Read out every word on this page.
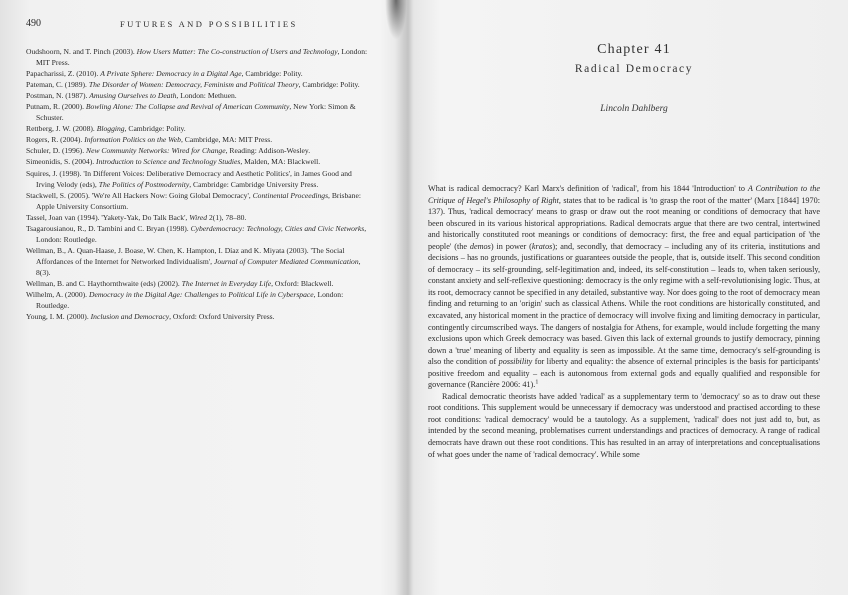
490	FUTURES AND POSSIBILITIES

Oudshoorn, N. and T. Pinch (2003). How Users Matter: The Co-construction of Users and Technology, London: MIT Press.

Papacharissi, Z. (2010). A Private Sphere: Democracy in a Digital Age, Cambridge: Polity.

Pateman, C. (1989). The Disorder of Women: Democracy, Feminism and Political Theory, Cambridge: Polity.

Postman, N. (1987). Amusing Ourselves to Death, London: Methuen.

Putnam, R. (2000). Bowling Alone: The Collapse and Revival of American Community, New York: Simon & Schuster.

Rettberg, J. W. (2008). Blogging, Cambridge: Polity.

Rogers, R. (2004). Information Politics on the Web, Cambridge, MA: MIT Press.

Schuler, D. (1996). New Community Networks: Wired for Change, Reading: Addison-Wesley.

Simeonidis, S. (2004). Introduction to Science and Technology Studies, Malden, MA: Blackwell.

Squires, J. (1998). 'In Different Voices: Deliberative Democracy and Aesthetic Politics', in James Good and Irving Velody (eds), The Politics of Postmodernity, Cambridge: Cambridge University Press.

Stackwell, S. (2005). 'We're All Hackers Now: Going Global Democracy', Continental Proceedings, Brisbane: Apple University Consortium.

Tassel, Joan van (1994). 'Yakety-Yak, Do Talk Back', Wired 2(1), 78–80.

Tsagarousianou, R., D. Tambini and C. Bryan (1998). Cyberdemocracy: Technology, Cities and Civic Networks, London: Routledge.

Wellman, B., A. Quan-Haase, J. Boase, W. Chen, K. Hampton, I. Díaz and K. Miyata (2003). 'The Social Affordances of the Internet for Networked Individualism', Journal of Computer Mediated Communication, 8(3).

Wellman, B. and C. Haythornthwaite (eds) (2002). The Internet in Everyday Life, Oxford: Blackwell.

Wilhelm, A. (2000). Democracy in the Digital Age: Challenges to Political Life in Cyberspace, London: Routledge.

Young, I. M. (2000). Inclusion and Democracy, Oxford: Oxford University Press.

Chapter 41
Radical Democracy
Lincoln Dahlberg

What is radical democracy? Karl Marx's definition of 'radical', from his 1844 'Introduction' to A Contribution to the Critique of Hegel's Philosophy of Right, states that to be radical is 'to grasp the root of the matter' (Marx [1844] 1970: 137). Thus, 'radical democracy' means to grasp or draw out the root meaning or conditions of democracy that have been obscured in its various historical appropriations. Radical democrats argue that there are two central, intertwined and historically constituted root meanings or conditions of democracy: first, the free and equal participation of 'the people' (the demos) in power (kratos); and, secondly, that democracy – including any of its criteria, institutions and decisions – has no grounds, justifications or guarantees outside the people, that is, outside itself. This second condition of democracy – its self-grounding, self-legitimation and, indeed, its self-constitution – leads to, when taken seriously, constant anxiety and self-reflexive questioning: democracy is the only regime with a self-revolutionising logic. Thus, at its root, democracy cannot be specified in any detailed, substantive way. Nor does going to the root of democracy mean finding and returning to an 'origin' such as classical Athens. While the root conditions are historically constituted, and excavated, any historical moment in the practice of democracy will involve fixing and limiting democracy in particular, contingently circumscribed ways. The dangers of nostalgia for Athens, for example, would include forgetting the many exclusions upon which Greek democracy was based. Given this lack of external grounds to justify democracy, pinning down a 'true' meaning of liberty and equality is seen as impossible. At the same time, democracy's self-grounding is also the condition of possibility for liberty and equality: the absence of external principles is the basis for participants' positive freedom and equality – each is autonomous from external gods and equally qualified and responsible for governance (Rancière 2006: 41).$^1$

Radical democratic theorists have added 'radical' as a supplementary term to 'democracy' so as to draw out these root conditions. This supplement would be unnecessary if democracy was understood and practised according to these root conditions: 'radical democracy' would be a tautology. As a supplement, 'radical' does not just add to, but, as intended by the second meaning, problematises current understandings and practices of democracy. A range of radical democrats have drawn out these root conditions. This has resulted in an array of interpretations and conceptualisations of what goes under the name of 'radical democracy'. While some
